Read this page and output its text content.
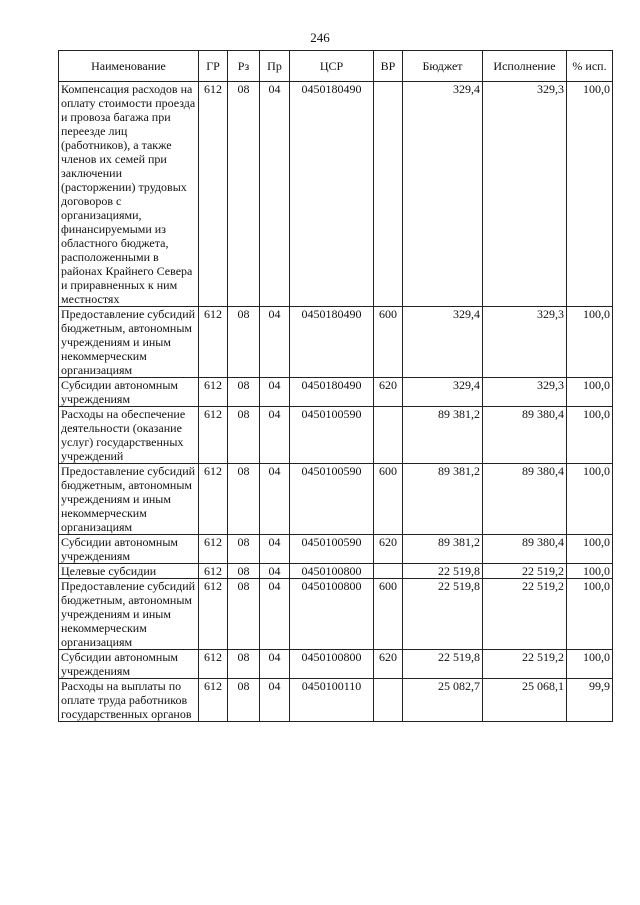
246
Наименование	ГР	Рз	Пр	ЦСР	ВР	Бюджет	Исполнение	% исп.
Компенсация расходов на оплату стоимости проезда и провоза багажа при переезде лиц (работников), а также членов их семей при заключении (расторжении) трудовых договоров с организациями, финансируемыми из областного бюджета, расположенными в районах Крайнего Севера и приравненных к ним местностях	612	08	04	0450180490		329,4	329,3	100,0
Предоставление субсидий бюджетным, автономным учреждениям и иным некоммерческим организациям	612	08	04	0450180490	600	329,4	329,3	100,0
Субсидии автономным учреждениям	612	08	04	0450180490	620	329,4	329,3	100,0
Расходы на обеспечение деятельности (оказание услуг) государственных учреждений	612	08	04	0450100590		89 381,2	89 380,4	100,0
Предоставление субсидий бюджетным, автономным учреждениям и иным некоммерческим организациям	612	08	04	0450100590	600	89 381,2	89 380,4	100,0
Субсидии автономным учреждениям	612	08	04	0450100590	620	89 381,2	89 380,4	100,0
Целевые субсидии	612	08	04	0450100800		22 519,8	22 519,2	100,0
Предоставление субсидий бюджетным, автономным учреждениям и иным некоммерческим организациям	612	08	04	0450100800	600	22 519,8	22 519,2	100,0
Субсидии автономным учреждениям	612	08	04	0450100800	620	22 519,8	22 519,2	100,0
Расходы на выплаты по оплате труда работников государственных органов	612	08	04	0450100110		25 082,7	25 068,1	99,9
